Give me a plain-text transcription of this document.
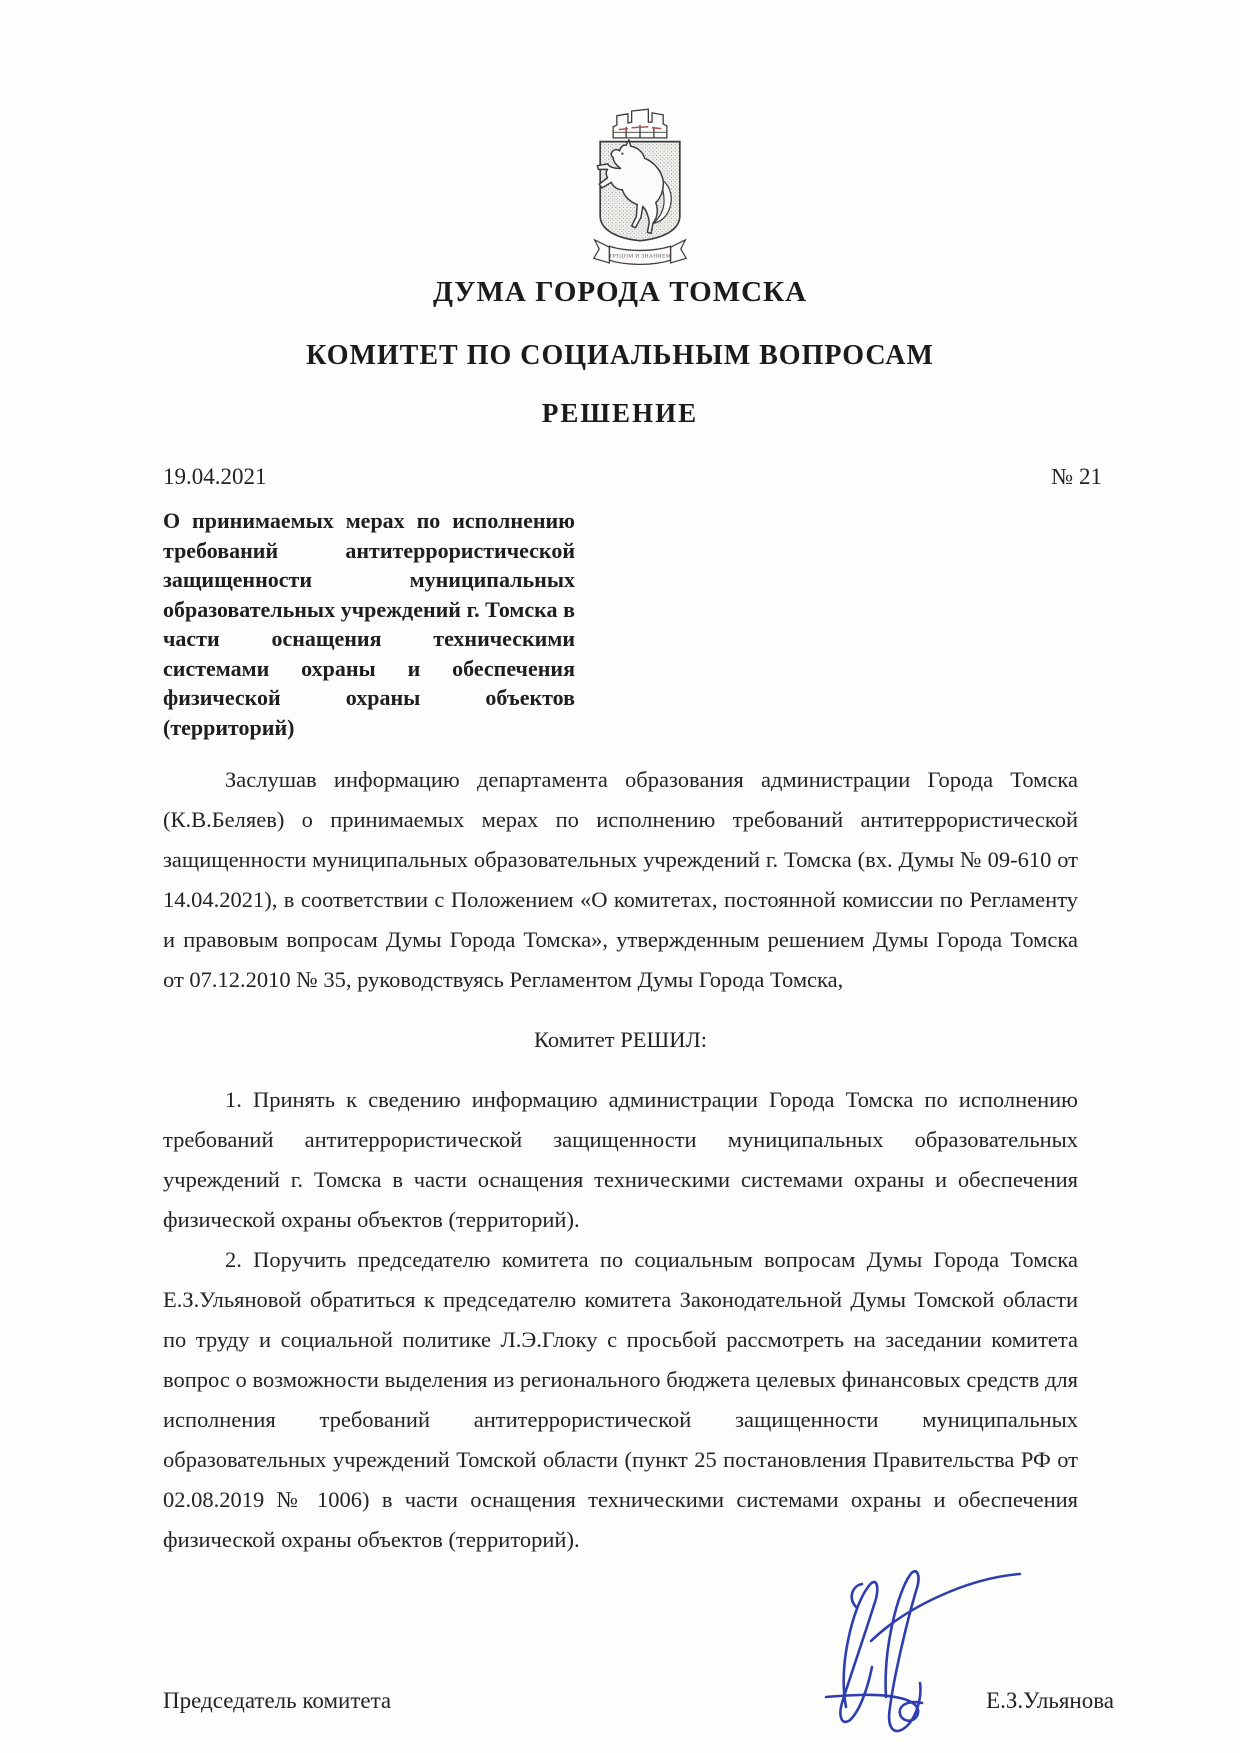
ТРУДОМ И ЗНАНИЕМ
ДУМА ГОРОДА ТОМСКА
КОМИТЕТ ПО СОЦИАЛЬНЫМ ВОПРОСАМ
РЕШЕНИЕ
19.04.2021	№ 21
О принимаемых мерах по исполнению требований антитеррористической защищенности муниципальных образовательных учреждений г. Томска в части оснащения техническими системами охраны и обеспечения физической охраны объектов (территорий)

Заслушав информацию департамента образования администрации Города Томска (К.В.Беляев) о принимаемых мерах по исполнению требований антитеррористической защищенности муниципальных образовательных учреждений г. Томска (вх. Думы № 09-610 от 14.04.2021), в соответствии с Положением «О комитетах, постоянной комиссии по Регламенту и правовым вопросам Думы Города Томска», утвержденным решением Думы Города Томска от 07.12.2010 № 35, руководствуясь Регламентом Думы Города Томска,

Комитет РЕШИЛ:

1. Принять к сведению информацию администрации Города Томска по исполнению требований антитеррористической защищенности муниципальных образовательных учреждений г. Томска в части оснащения техническими системами охраны и обеспечения физической охраны объектов (территорий).

2. Поручить председателю комитета по социальным вопросам Думы Города Томска Е.З.Ульяновой обратиться к председателю комитета Законодательной Думы Томской области по труду и социальной политике Л.Э.Глоку с просьбой рассмотреть на заседании комитета вопрос о возможности выделения из регионального бюджета целевых финансовых средств для исполнения требований антитеррористической защищенности муниципальных образовательных учреждений Томской области (пункт 25 постановления Правительства РФ от 02.08.2019 № 1006) в части оснащения техническими системами охраны и обеспечения физической охраны объектов (территорий).

Председатель комитета	Е.З.Ульянова
